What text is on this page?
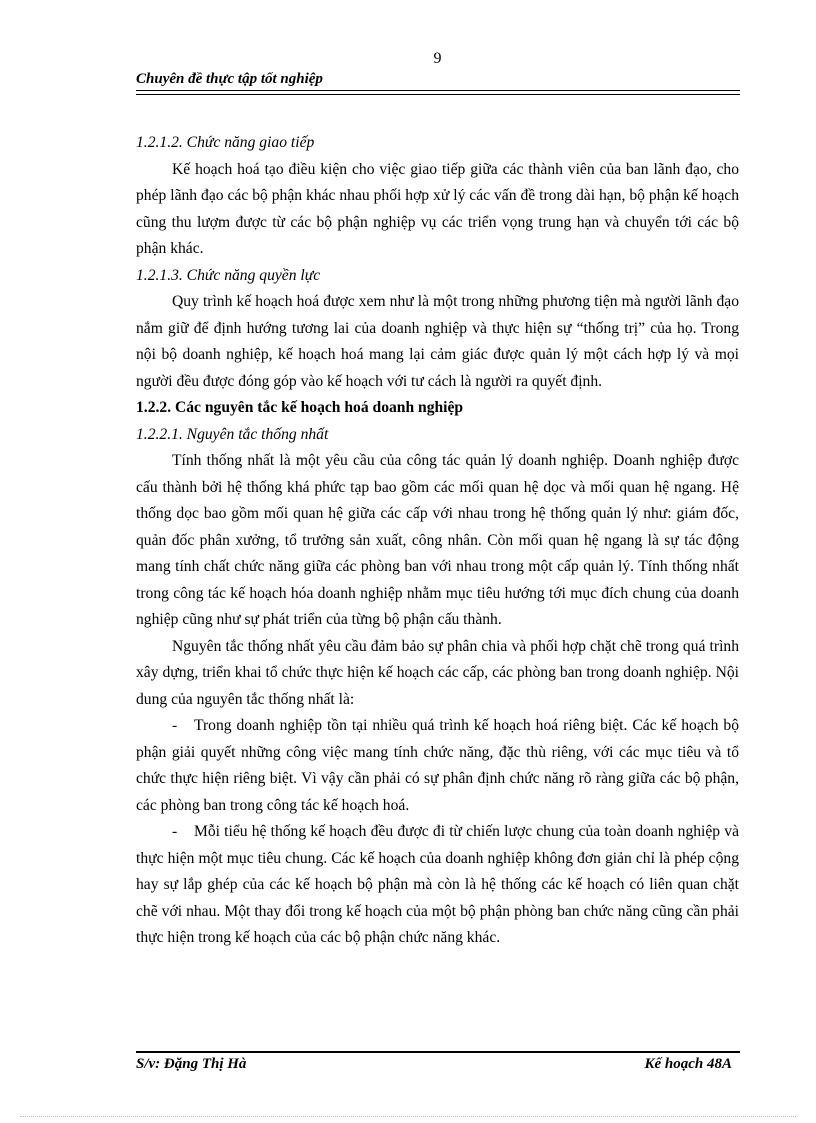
9
Chuyên đề thực tập tốt nghiệp

1.2.1.2. Chức năng giao tiếp

Kế hoạch hoá tạo điều kiện cho việc giao tiếp giữa các thành viên của ban lãnh đạo, cho phép lãnh đạo các bộ phận khác nhau phối hợp xử lý các vấn đề trong dài hạn, bộ phận kế hoạch cũng thu lượm được từ các bộ phận nghiệp vụ các triển vọng trung hạn và chuyển tới các bộ phận khác.

1.2.1.3. Chức năng quyền lực

Quy trình kế hoạch hoá được xem như là một trong những phương tiện mà người lãnh đạo nắm giữ để định hướng tương lai của doanh nghiệp và thực hiện sự “thống trị” của họ. Trong nội bộ doanh nghiệp, kế hoạch hoá mang lại cảm giác được quản lý một cách hợp lý và mọi người đều được đóng góp vào kế hoạch với tư cách là người ra quyết định.

1.2.2. Các nguyên tắc kế hoạch hoá doanh nghiệp

1.2.2.1. Nguyên tắc thống nhất

Tính thống nhất là một yêu cầu của công tác quản lý doanh nghiệp. Doanh nghiệp được cấu thành bởi hệ thống khá phức tạp bao gồm các mối quan hệ dọc và mối quan hệ ngang. Hệ thống dọc bao gồm mối quan hệ giữa các cấp với nhau trong hệ thống quản lý như: giám đốc, quản đốc phân xưởng, tổ trưởng sản xuất, công nhân. Còn mối quan hệ ngang là sự tác động mang tính chất chức năng giữa các phòng ban với nhau trong một cấp quản lý. Tính thống nhất trong công tác kế hoạch hóa doanh nghiệp nhằm mục tiêu hướng tới mục đích chung của doanh nghiệp cũng như sự phát triển của từng bộ phận cấu thành.

Nguyên tắc thống nhất yêu cầu đảm bảo sự phân chia và phối hợp chặt chẽ trong quá trình xây dựng, triển khai tổ chức thực hiện kế hoạch các cấp, các phòng ban trong doanh nghiệp. Nội dung của nguyên tắc thống nhất là:

- Trong doanh nghiệp tồn tại nhiều quá trình kế hoạch hoá riêng biệt. Các kế hoạch bộ phận giải quyết những công việc mang tính chức năng, đặc thù riêng, với các mục tiêu và tổ chức thực hiện riêng biệt. Vì vậy cần phải có sự phân định chức năng rõ ràng giữa các bộ phận, các phòng ban trong công tác kế hoạch hoá.

- Mỗi tiểu hệ thống kế hoạch đều được đi từ chiến lược chung của toàn doanh nghiệp và thực hiện một mục tiêu chung. Các kế hoạch của doanh nghiệp không đơn giản chỉ là phép cộng hay sự lắp ghép của các kế hoạch bộ phận mà còn là hệ thống các kế hoạch có liên quan chặt chẽ với nhau. Một thay đổi trong kế hoạch của một bộ phận phòng ban chức năng cũng cần phải thực hiện trong kế hoạch của các bộ phận chức năng khác.

S/v: Đặng Thị Hà	Kế hoạch 48A
